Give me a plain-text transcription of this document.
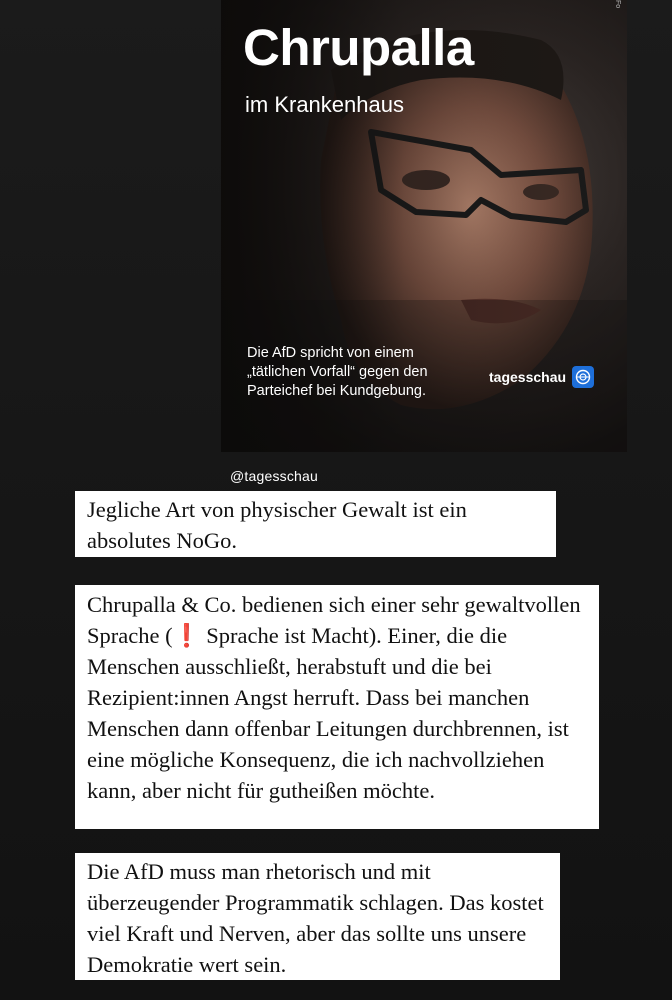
Chrupalla

im Krankenhaus

Die AfD spricht von einem „tätlichen Vorfall“ gegen den Parteichef bei Kundgebung.

tagesschau
Fo
@tagesschau
Jegliche Art von physischer Gewalt ist ein absolutes NoGo.
Chrupalla & Co. bedienen sich einer sehr gewaltvollen Sprache (❗ Sprache ist Macht). Einer, die die Menschen ausschließt, herabstuft und die bei Rezipient:innen Angst herruft. Dass bei manchen Menschen dann offenbar Leitungen durchbrennen, ist eine mögliche Konsequenz, die ich nachvollziehen kann, aber nicht für gutheißen möchte.
Die AfD muss man rhetorisch und mit überzeugender Programmatik schlagen. Das kostet viel Kraft und Nerven, aber das sollte uns unsere Demokratie wert sein.
